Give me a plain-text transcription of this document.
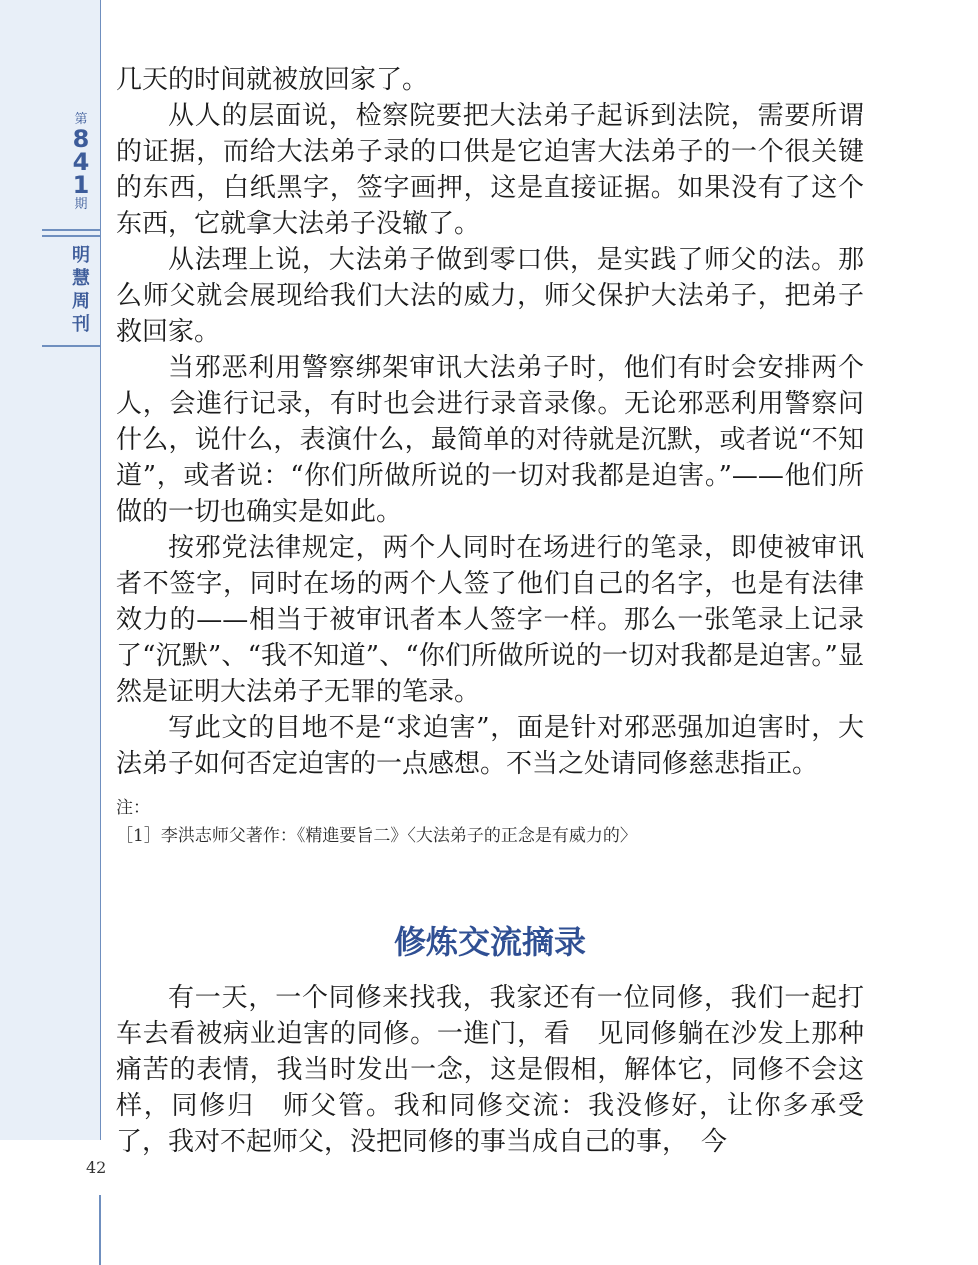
第
8
4
1
期
明
慧
周
刊
42

几天的时间就被放回家了。

从人的层面说，检察院要把大法弟子起诉到法院，需要所谓的证据，而给大法弟子录的口供是它迫害大法弟子的一个很关键的东西，白纸黑字，签字画押，这是直接证据。如果没有了这个东西，它就拿大法弟子没辙了。

从法理上说，大法弟子做到零口供，是实践了师父的法。那么师父就会展现给我们大法的威力，师父保护大法弟子，把弟子救回家。

当邪恶利用警察绑架审讯大法弟子时，他们有时会安排两个人，会進行记录，有时也会进行录音录像。无论邪恶利用警察问什么，说什么，表演什么，最简单的对待就是沉默，或者说“不知道”，或者说：“你们所做所说的一切对我都是迫害。”——他们所做的一切也确实是如此。

按邪党法律规定，两个人同时在场进行的笔录，即使被审讯者不签字，同时在场的两个人签了他们自己的名字，也是有法律效力的——相当于被审讯者本人签字一样。那么一张笔录上记录了“沉默”、“我不知道”、“你们所做所说的一切对我都是迫害。”显然是证明大法弟子无罪的笔录。

写此文的目地不是“求迫害”，面是针对邪恶强加迫害时，大法弟子如何否定迫害的一点感想。不当之处请同修慈悲指正。

注：
［1］李洪志师父著作：《精進要旨二》〈大法弟子的正念是有威力的〉
修炼交流摘录

有一天，一个同修来找我，我家还有一位同修，我们一起打车去看被病业迫害的同修。一進门，看　见同修躺在沙发上那种痛苦的表情，我当时发出一念，这是假相，解体它，同修不会这样，同修归　师父管。我和同修交流：我没修好，让你多承受了，我对不起师父，没把同修的事当成自己的事，　今
